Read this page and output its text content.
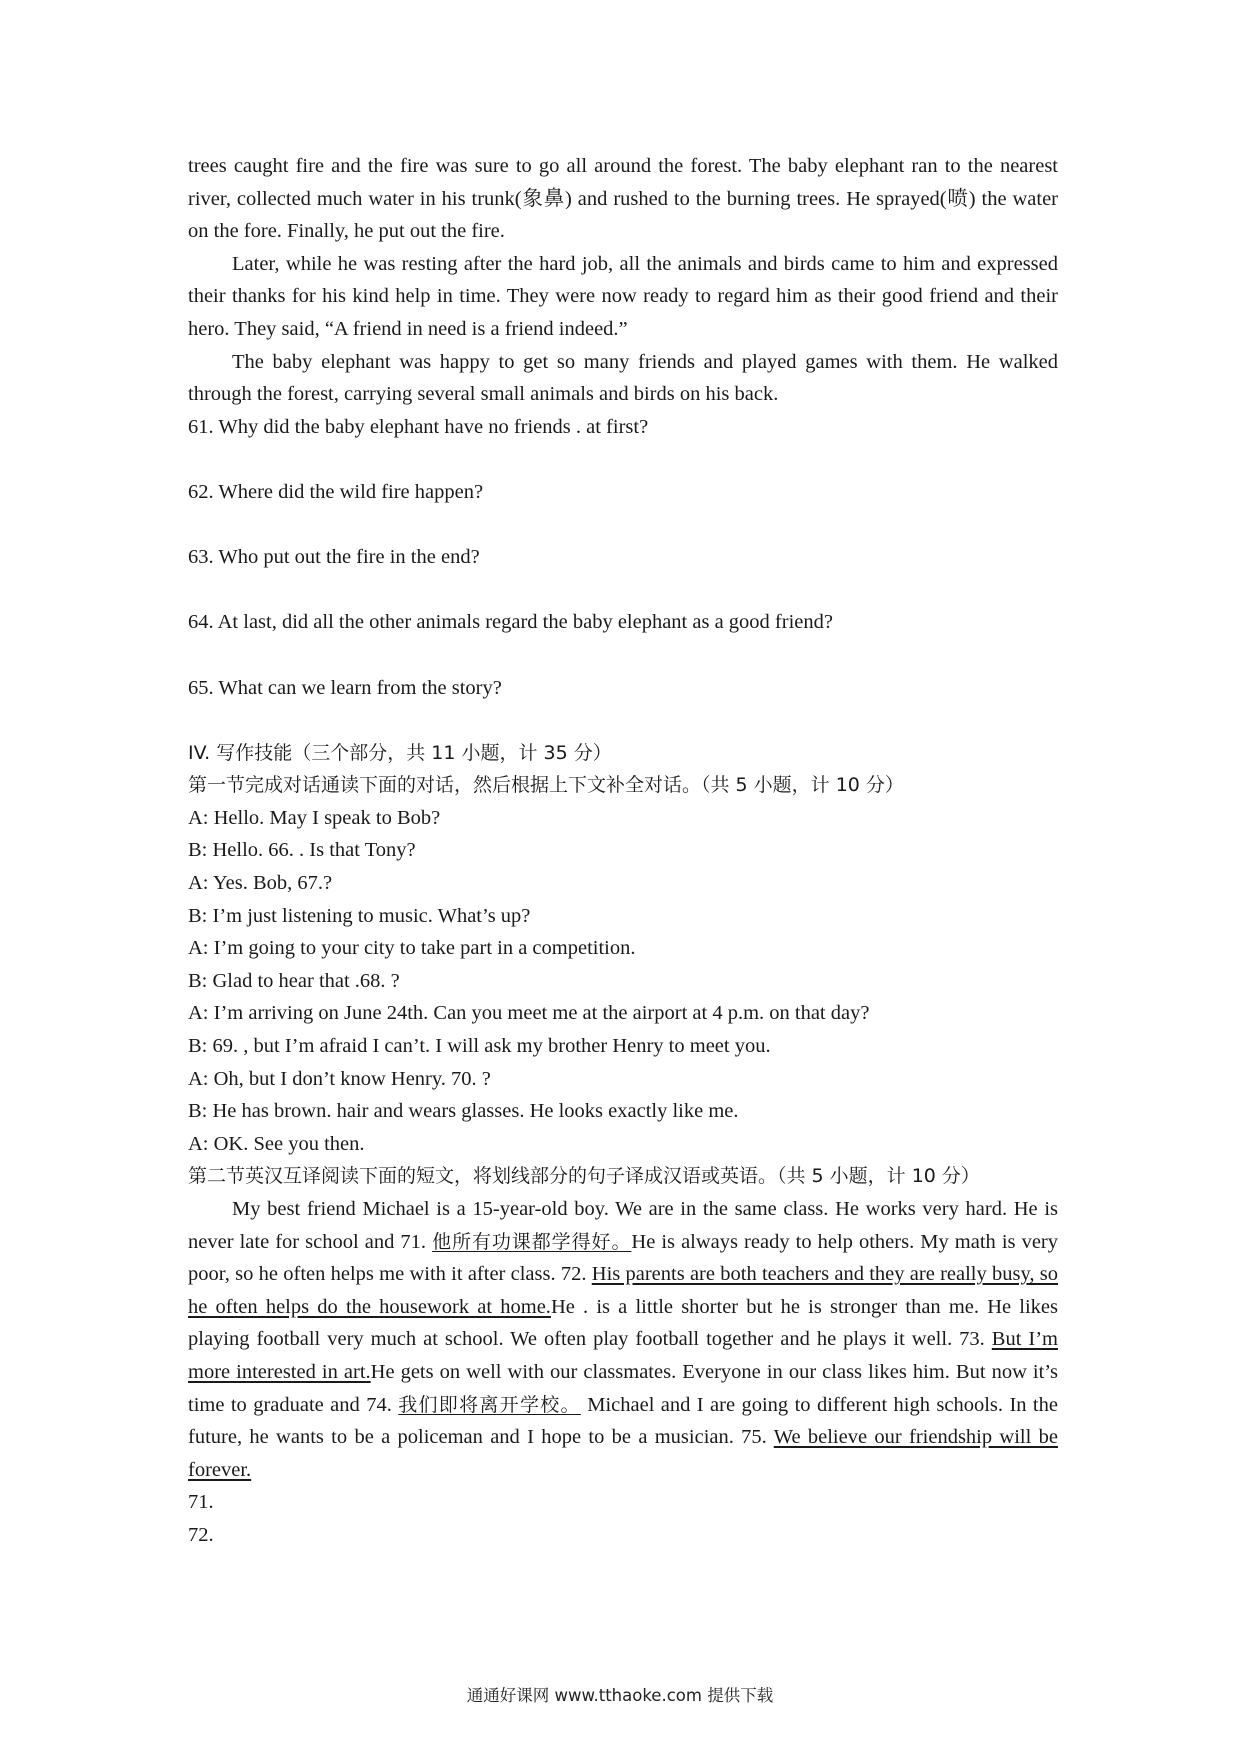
trees caught fire and the fire was sure to go all around the forest. The baby elephant ran to the nearest river, collected much water in his trunk(象鼻) and rushed to the burning trees. He sprayed(喷) the water on the fore. Finally, he put out the fire.

Later, while he was resting after the hard job, all the animals and birds came to him and expressed their thanks for his kind help in time. They were now ready to regard him as their good friend and their hero. They said, “A friend in need is a friend indeed.”

The baby elephant was happy to get so many friends and played games with them. He walked through the forest, carrying several small animals and birds on his back.

61. Why did the baby elephant have no friends . at first?
62. Where did the wild fire happen?
63. Who put out the fire in the end?
64. At last, did all the other animals regard the baby elephant as a good friend?
65. What can we learn from the story?
IV. 写作技能（三个部分，共 11 小题，计 35 分）
第一节完成对话通读下面的对话，然后根据上下文补全对话。（共 5 小题，计 10 分）
A: Hello. May I speak to Bob?
B: Hello. 66. . Is that Tony?
A: Yes. Bob, 67.?
B: I’m just listening to music. What’s up?
A: I’m going to your city to take part in a competition.
B: Glad to hear that .68. ?
A: I’m arriving on June 24th. Can you meet me at the airport at 4 p.m. on that day?
B: 69. , but I’m afraid I can’t. I will ask my brother Henry to meet you.
A: Oh, but I don’t know Henry. 70. ?
B: He has brown. hair and wears glasses. He looks exactly like me.
A: OK. See you then.

第二节英汉互译阅读下面的短文，将划线部分的句子译成汉语或英语。（共 5 小题，计 10 分）

My best friend Michael is a 15-year-old boy. We are in the same class. He works very hard. He is never late for school and 71. 他所有功课都学得好。He is always ready to help others. My math is very poor, so he often helps me with it after class. 72. His parents are both teachers and they are really busy, so he often helps do the housework at home.He . is a little shorter but he is stronger than me. He likes playing football very much at school. We often play football together and he plays it well. 73. But I’m more interested in art.He gets on well with our classmates. Everyone in our class likes him. But now it’s time to graduate and 74. 我们即将离开学校。 Michael and I are going to different high schools. In the future, he wants to be a policeman and I hope to be a musician. 75. We believe our friendship will be forever.

71.
72.
通通好课网 www.tthaoke.com 提供下载
